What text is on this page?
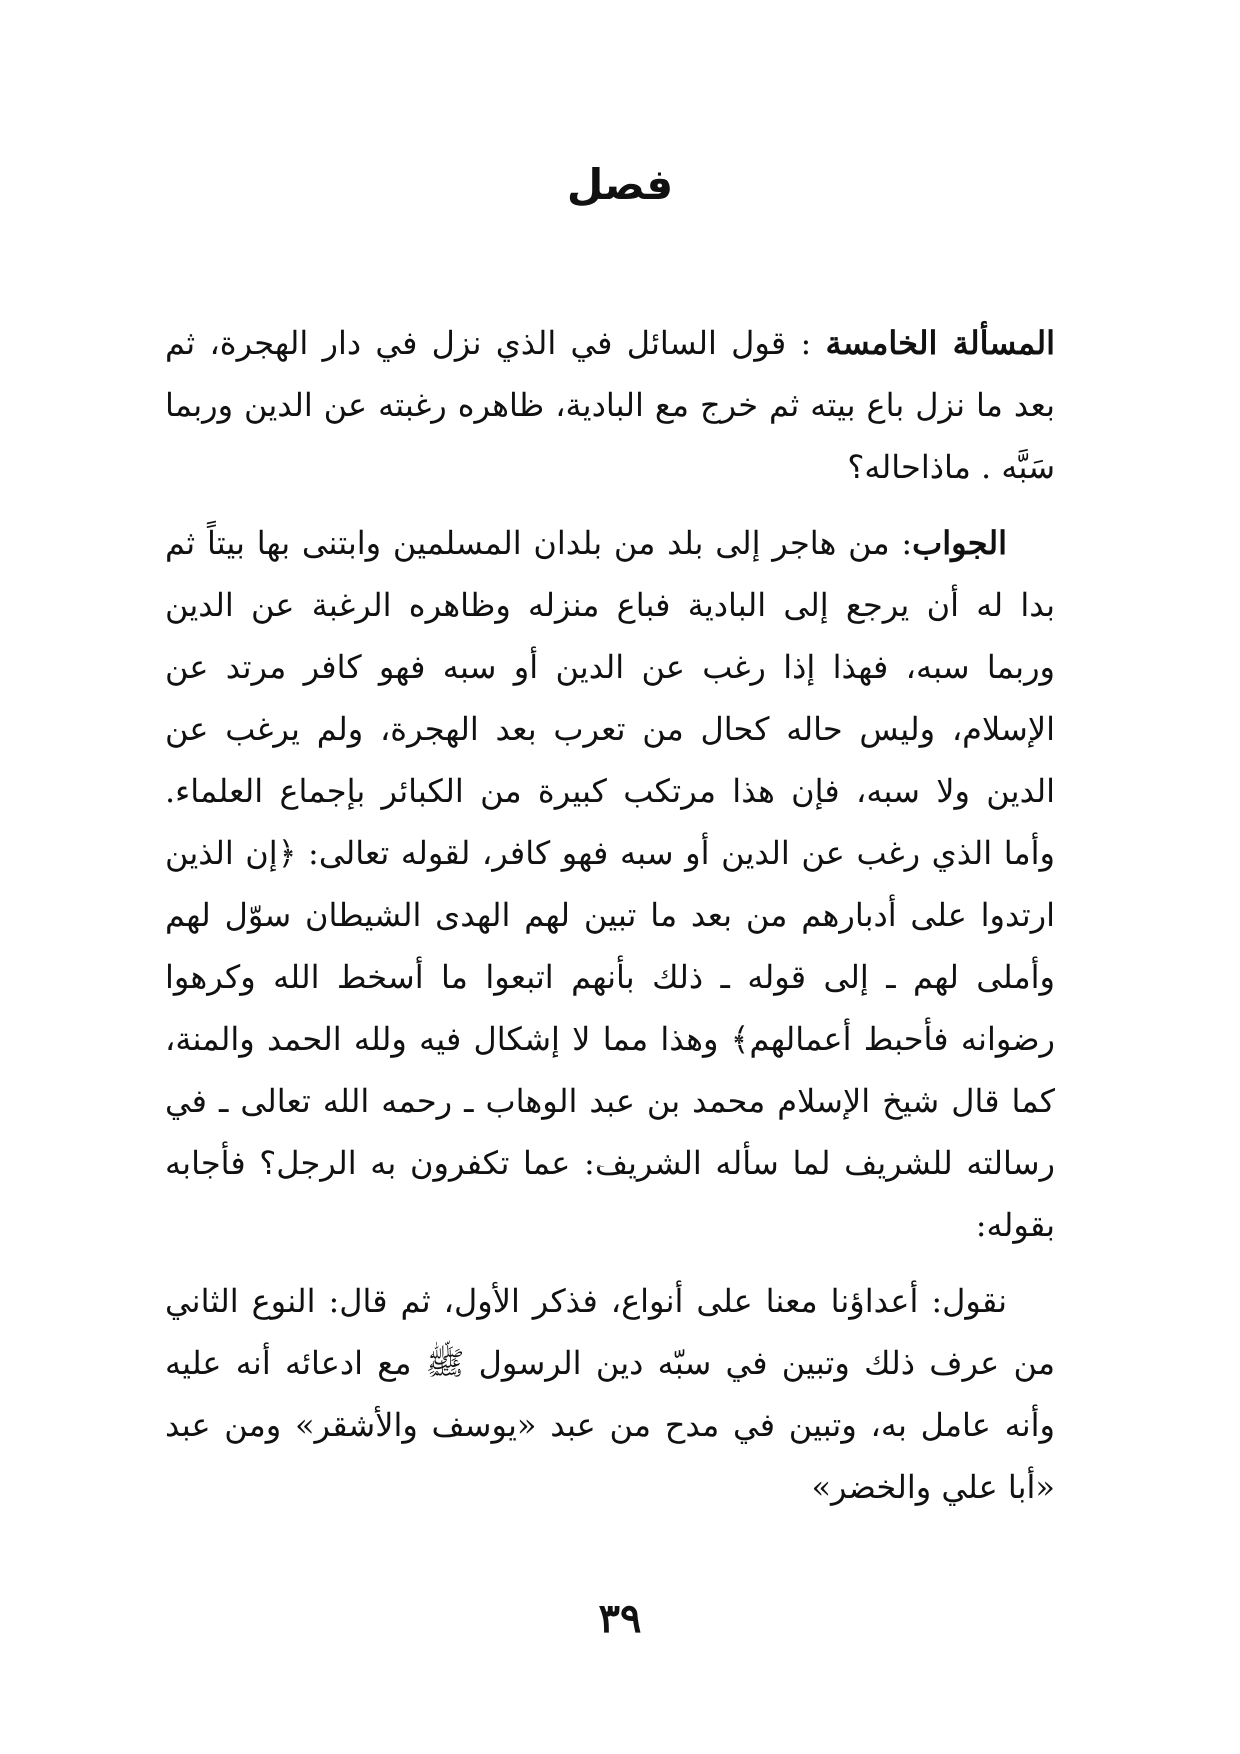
فصل

المسألة الخامسة : قول السائل في الذي نزل في دار الهجرة، ثم بعد ما نزل باع بيته ثم خرج مع البادية، ظاهره رغبته عن الدين وربما سَبَّه . ماذاحاله؟

الجواب: من هاجر إلى بلد من بلدان المسلمين وابتنى بها بيتاً ثم بدا له أن يرجع إلى البادية فباع منزله وظاهره الرغبة عن الدين وربما سبه، فهذا إذا رغب عن الدين أو سبه فهو كافر مرتد عن الإسلام، وليس حاله كحال من تعرب بعد الهجرة، ولم يرغب عن الدين ولا سبه، فإن هذا مرتكب كبيرة من الكبائر بإجماع العلماء. وأما الذي رغب عن الدين أو سبه فهو كافر، لقوله تعالى: ﴿إن الذين ارتدوا على أدبارهم من بعد ما تبين لهم الهدى الشيطان سوّل لهم وأملى لهم ـ إلى قوله ـ ذلك بأنهم اتبعوا ما أسخط الله وكرهوا رضوانه فأحبط أعمالهم﴾ وهذا مما لا إشكال فيه ولله الحمد والمنة، كما قال شيخ الإسلام محمد بن عبد الوهاب ـ رحمه الله تعالى ـ في رسالته للشريف لما سأله الشريف: عما تكفرون به الرجل؟ فأجابه بقوله:

نقول: أعداؤنا معنا على أنواع، فذكر الأول، ثم قال: النوع الثاني من عرف ذلك وتبين في سبّه دين الرسول ﷺ مع ادعائه أنه عليه وأنه عامل به، وتبين في مدح من عبد «يوسف والأشقر» ومن عبد «أبا علي والخضر»

٣٩
